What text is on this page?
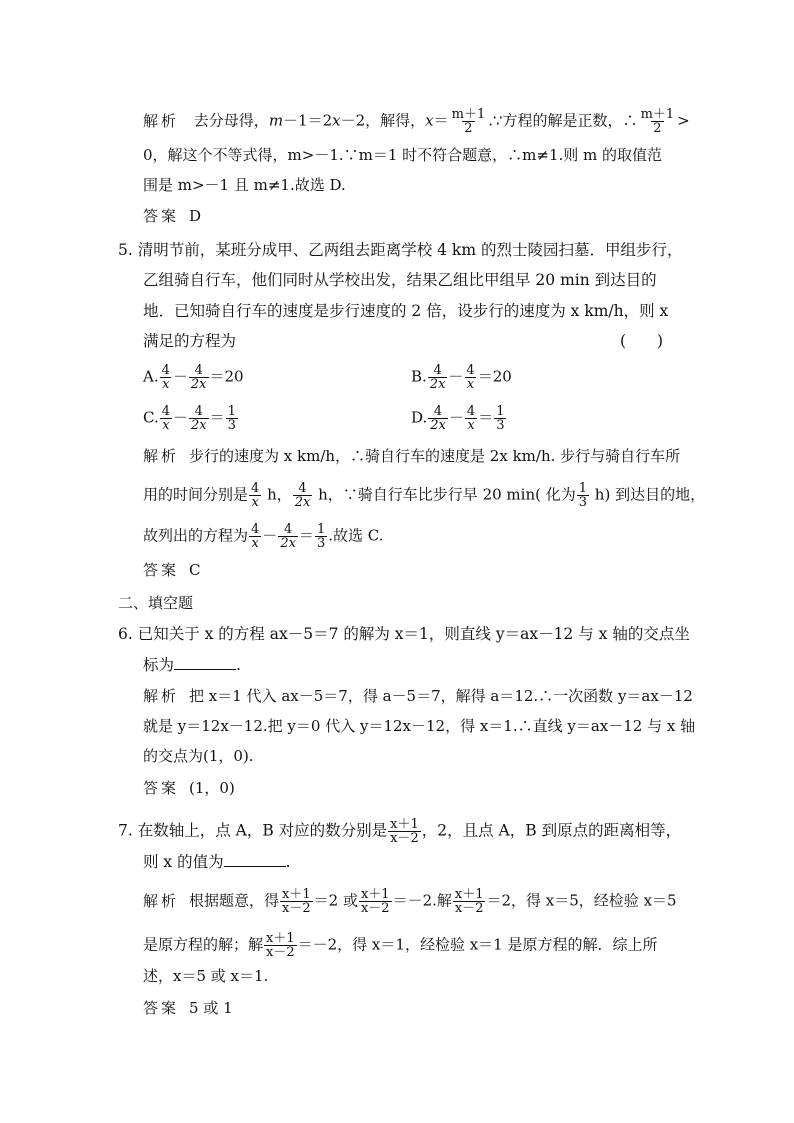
解析 去分母得，m－1＝2x－2，解得，$x= \frac{m+1}{2}$ .∵方程的解是正数，∴ $\frac{m+1}{2}$ >
0，解这个不等式得，m>－1.∵m＝1 时不符合题意，∴m≠1.则 m 的取值范
围是 m>－1 且 m≠1.故选 D.
答案 D
5. 清明节前，某班分成甲、乙两组去距离学校 4 km 的烈士陵园扫墓．甲组步行，
乙组骑自行车，他们同时从学校出发，结果乙组比甲组早 20 min 到达目的
地．已知骑自行车的速度是步行速度的 2 倍，设步行的速度为 x km/h，则 x
满足的方程为	(　　)
A. $\frac{4}{x} - \frac{4}{2x} =20$	B. $\frac{4}{2x} - \frac{4}{x} =20$
C. $\frac{4}{x} - \frac{4}{2x} = \frac{1}{3}$	D. $\frac{4}{2x} - \frac{4}{x} = \frac{1}{3}$
解析 步行的速度为 x km/h，∴骑自行车的速度是 2x km/h. 步行与骑自行车所
用的时间分别是 $\frac{4}{x}$ h， $\frac{4}{2x}$ h，∵骑自行车比步行早 20 min( 化为 $\frac{1}{3} h$) 到达目的地，
故列出的方程为 $\frac{4}{x} - \frac{4}{2x} = \frac{1}{3}$ .故选 C.
答案 C
二、填空题
6. 已知关于 x 的方程 ax－5＝7 的解为 x＝1，则直线 y＝ax－12 与 x 轴的交点坐
标为	.
解析 把 x＝1 代入 ax－5＝7，得 a－5＝7，解得 a＝12.∴一次函数 y＝ax－12
就是 y＝12x－12.把 y＝0 代入 y＝12x－12，得 x＝1.∴直线 y＝ax－12 与 x 轴
的交点为(1，0).
答案 (1，0)
7. 在数轴上，点 A，B 对应的数分别是 $\frac{x+1}{x-2}$ ，2，且点 A，B 到原点的距离相等，
则 x 的值为	.
解析 根据题意，得 $\frac{x+1}{x-2} =2$ 或 $\frac{x+1}{x-2} =-2$.解 $\frac{x+1}{x-2} =2$，得 x＝5，经检验 x＝5
是原方程的解；解 $\frac{x+1}{x-2} =-2$，得 x＝1，经检验 x＝1 是原方程的解．综上所
述，x＝5 或 x＝1.
答案 5 或 1
